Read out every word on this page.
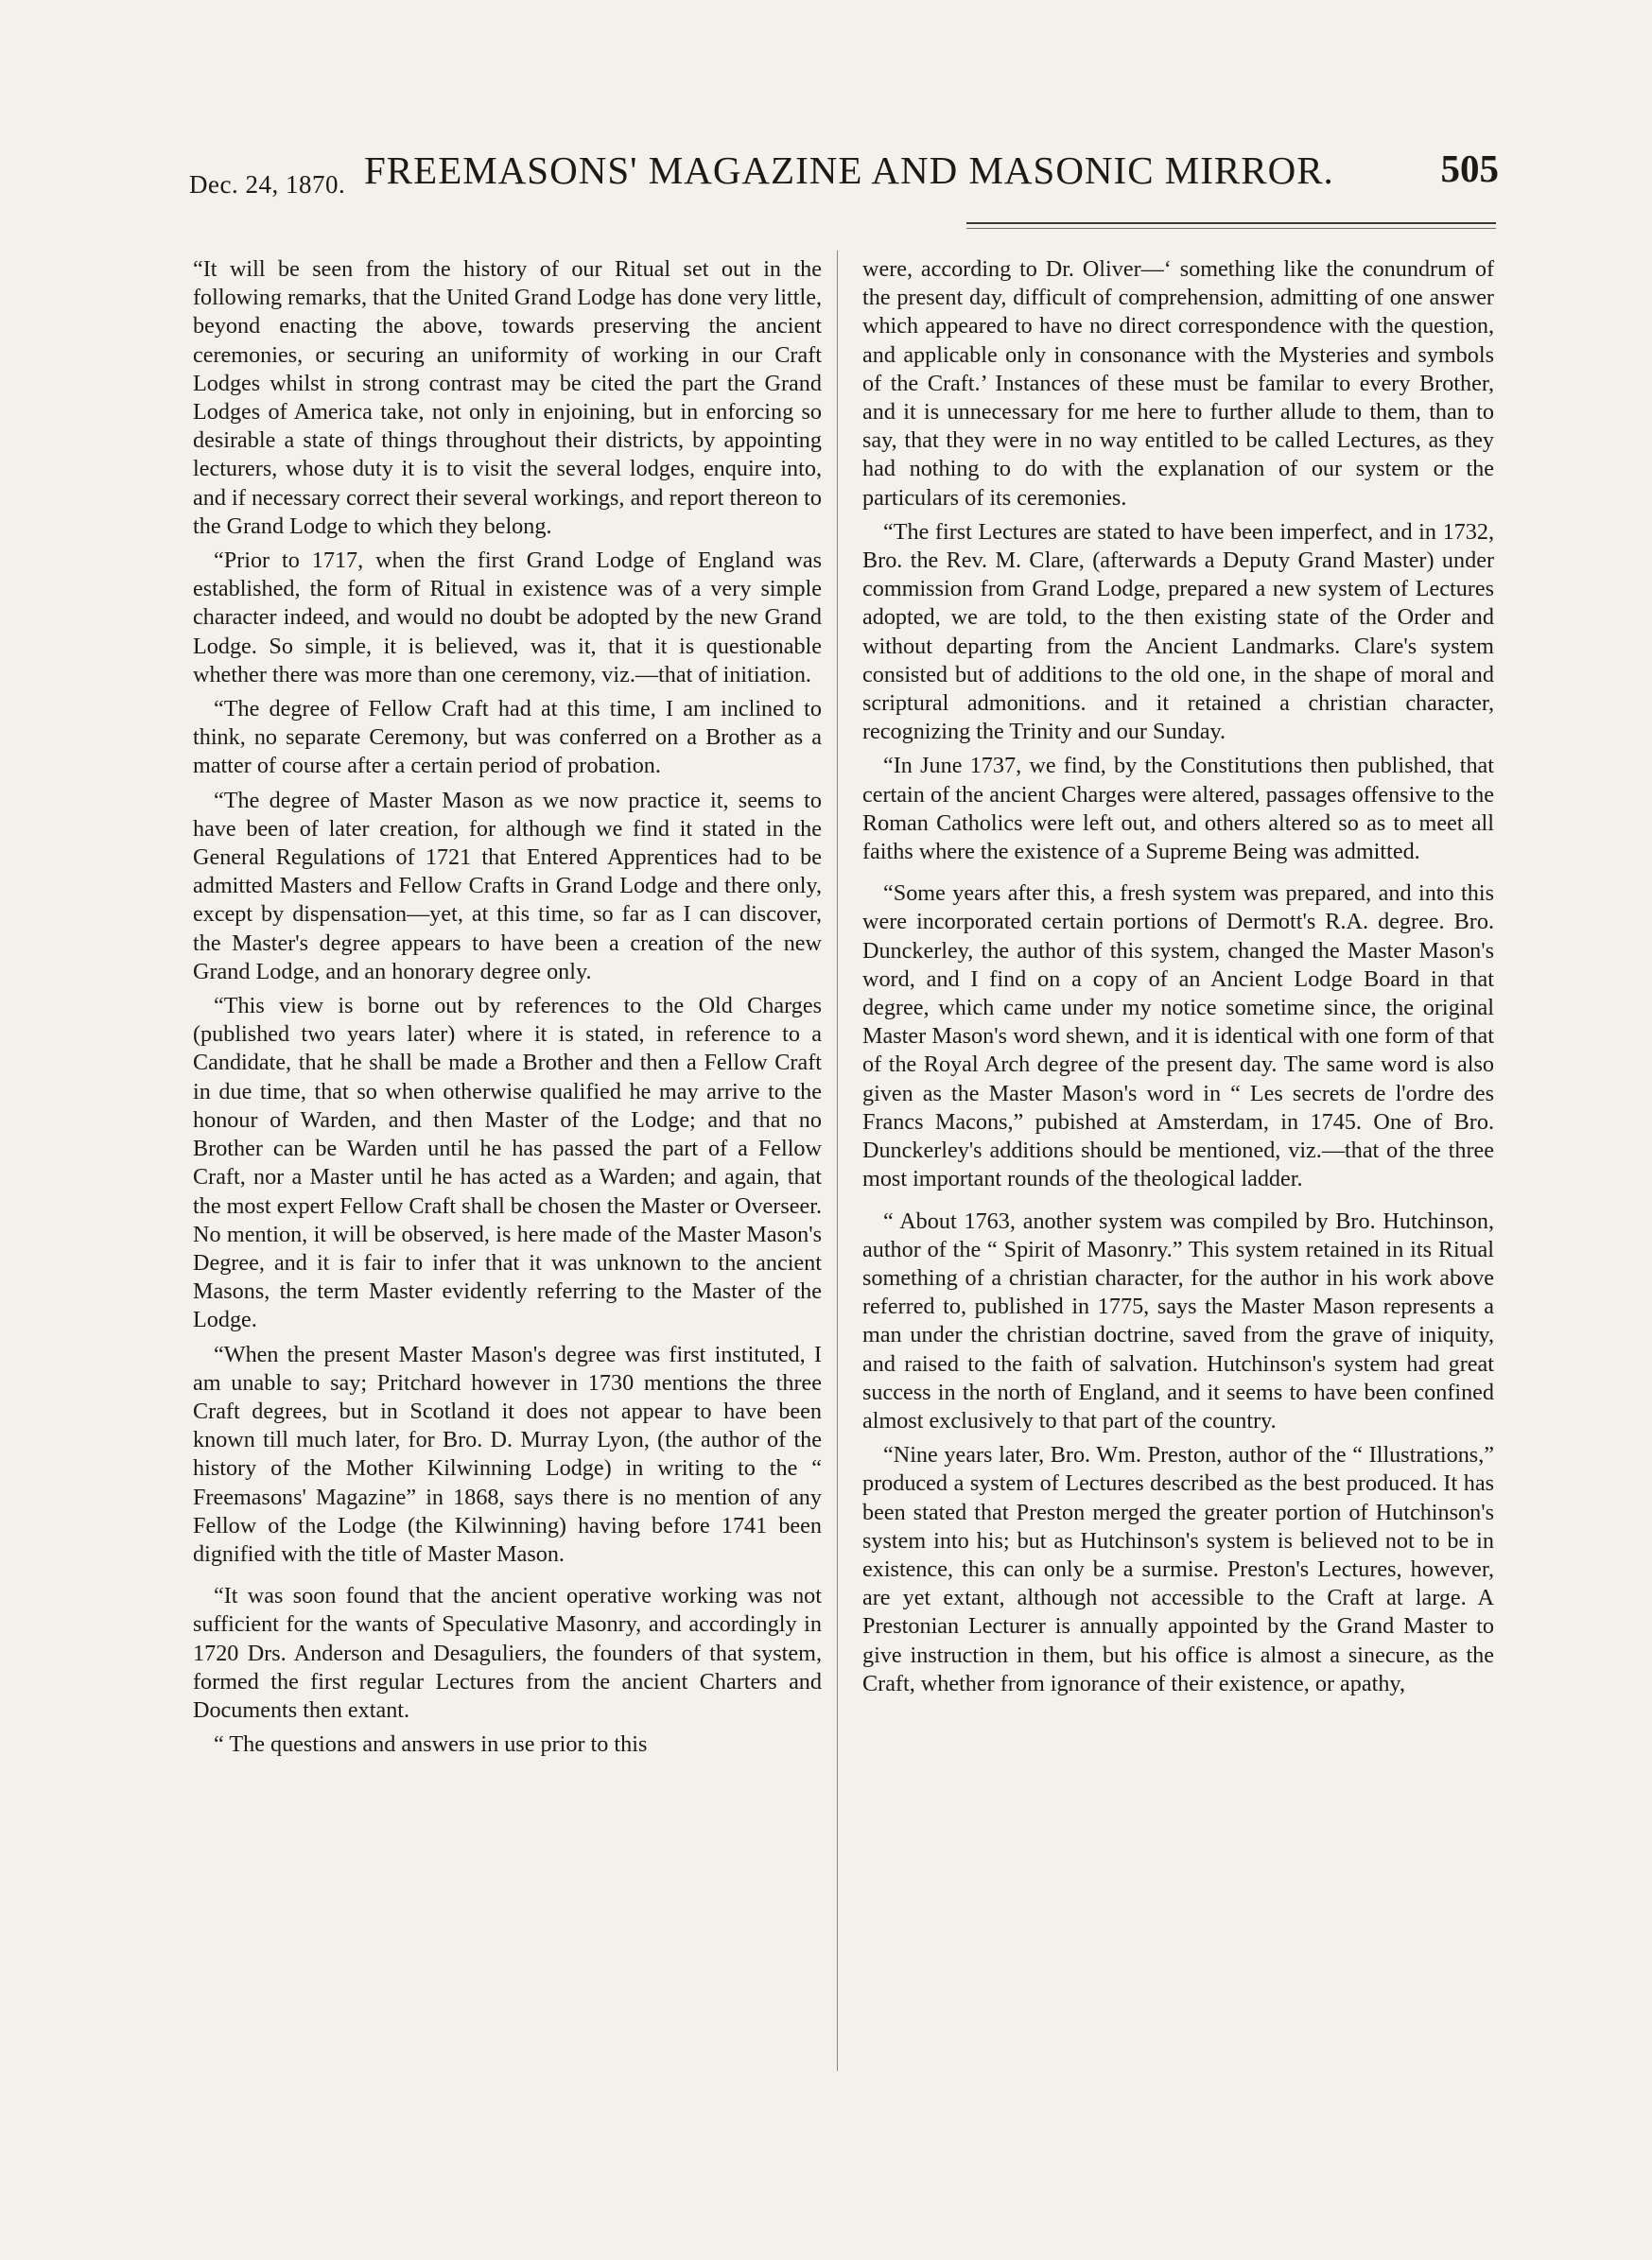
Dec. 24, 1870. FREEMASONS' MAGAZINE AND MASONIC MIRROR.	505

“It will be seen from the history of our Ritual set out in the following remarks, that the United Grand Lodge has done very little, beyond enacting the above, towards preserving the ancient ceremonies, or securing an uniformity of working in our Craft Lodges whilst in strong contrast may be cited the part the Grand Lodges of America take, not only in enjoining, but in enforcing so desirable a state of things throughout their districts, by appointing lecturers, whose duty it is to visit the several lodges, enquire into, and if necessary correct their several workings, and report thereon to the Grand Lodge to which they belong.

“Prior to 1717, when the first Grand Lodge of England was established, the form of Ritual in existence was of a very simple character indeed, and would no doubt be adopted by the new Grand Lodge. So simple, it is believed, was it, that it is questionable whether there was more than one ceremony, viz.—that of initiation.

“The degree of Fellow Craft had at this time, I am inclined to think, no separate Ceremony, but was conferred on a Brother as a matter of course after a certain period of probation.

“The degree of Master Mason as we now practice it, seems to have been of later creation, for although we find it stated in the General Regulations of 1721 that Entered Apprentices had to be admitted Masters and Fellow Crafts in Grand Lodge and there only, except by dispensation—yet, at this time, so far as I can discover, the Master's degree appears to have been a creation of the new Grand Lodge, and an honorary degree only.

“This view is borne out by references to the Old Charges (published two years later) where it is stated, in reference to a Candidate, that he shall be made a Brother and then a Fellow Craft in due time, that so when otherwise qualified he may arrive to the honour of Warden, and then Master of the Lodge; and that no Brother can be Warden until he has passed the part of a Fellow Craft, nor a Master until he has acted as a Warden; and again, that the most expert Fellow Craft shall be chosen the Master or Overseer. No mention, it will be observed, is here made of the Master Mason's Degree, and it is fair to infer that it was unknown to the ancient Masons, the term Master evidently referring to the Master of the Lodge.

“When the present Master Mason's degree was first instituted, I am unable to say; Pritchard however in 1730 mentions the three Craft degrees, but in Scotland it does not appear to have been known till much later, for Bro. D. Murray Lyon, (the author of the history of the Mother Kilwinning Lodge) in writing to the “ Freemasons' Magazine” in 1868, says there is no mention of any Fellow of the Lodge (the Kilwinning) having before 1741 been dignified with the title of Master Mason.

“It was soon found that the ancient operative working was not sufficient for the wants of Speculative Masonry, and accordingly in 1720 Drs. Anderson and Desaguliers, the founders of that system, formed the first regular Lectures from the ancient Charters and Documents then extant.

“ The questions and answers in use prior to this

were, according to Dr. Oliver—‘ something like the conundrum of the present day, difficult of comprehension, admitting of one answer which appeared to have no direct correspondence with the question, and applicable only in consonance with the Mysteries and symbols of the Craft.’ Instances of these must be familar to every Brother, and it is unnecessary for me here to further allude to them, than to say, that they were in no way entitled to be called Lectures, as they had nothing to do with the explanation of our system or the particulars of its ceremonies.

“The first Lectures are stated to have been imperfect, and in 1732, Bro. the Rev. M. Clare, (afterwards a Deputy Grand Master) under commission from Grand Lodge, prepared a new system of Lectures adopted, we are told, to the then existing state of the Order and without departing from the Ancient Landmarks. Clare's system consisted but of additions to the old one, in the shape of moral and scriptural admonitions. and it retained a christian character, recognizing the Trinity and our Sunday.

“In June 1737, we find, by the Constitutions then published, that certain of the ancient Charges were altered, passages offensive to the Roman Catholics were left out, and others altered so as to meet all faiths where the existence of a Supreme Being was admitted.

“Some years after this, a fresh system was prepared, and into this were incorporated certain portions of Dermott's R.A. degree. Bro. Dunckerley, the author of this system, changed the Master Mason's word, and I find on a copy of an Ancient Lodge Board in that degree, which came under my notice sometime since, the original Master Mason's word shewn, and it is identical with one form of that of the Royal Arch degree of the present day. The same word is also given as the Master Mason's word in “ Les secrets de l'ordre des Francs Macons,” pubished at Amsterdam, in 1745. One of Bro. Dunckerley's additions should be mentioned, viz.—that of the three most important rounds of the theological ladder.

“ About 1763, another system was compiled by Bro. Hutchinson, author of the “ Spirit of Masonry.” This system retained in its Ritual something of a christian character, for the author in his work above referred to, published in 1775, says the Master Mason represents a man under the christian doctrine, saved from the grave of iniquity, and raised to the faith of salvation. Hutchinson's system had great success in the north of England, and it seems to have been confined almost exclusively to that part of the country.

“Nine years later, Bro. Wm. Preston, author of the “ Illustrations,” produced a system of Lectures described as the best produced. It has been stated that Preston merged the greater portion of Hutchinson's system into his; but as Hutchinson's system is believed not to be in existence, this can only be a surmise. Preston's Lectures, however, are yet extant, although not accessible to the Craft at large. A Prestonian Lecturer is annually appointed by the Grand Master to give instruction in them, but his office is almost a sinecure, as the Craft, whether from ignorance of their existence, or apathy,
